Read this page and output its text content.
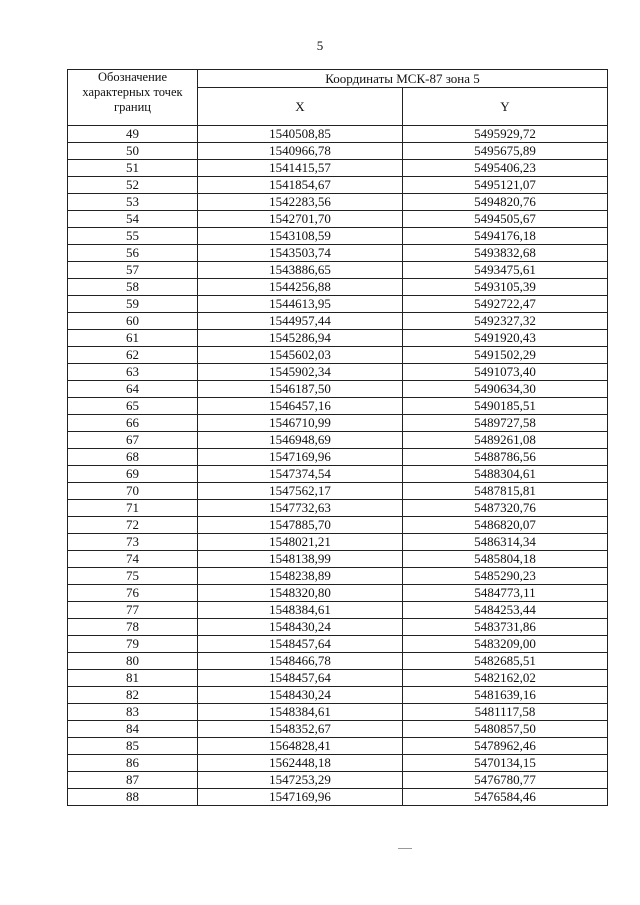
5
Обозначение характерных точек границ	Координаты МСК-87 зона 5	
	X	Y
49	1540508,85	5495929,72
50	1540966,78	5495675,89
51	1541415,57	5495406,23
52	1541854,67	5495121,07
53	1542283,56	5494820,76
54	1542701,70	5494505,67
55	1543108,59	5494176,18
56	1543503,74	5493832,68
57	1543886,65	5493475,61
58	1544256,88	5493105,39
59	1544613,95	5492722,47
60	1544957,44	5492327,32
61	1545286,94	5491920,43
62	1545602,03	5491502,29
63	1545902,34	5491073,40
64	1546187,50	5490634,30
65	1546457,16	5490185,51
66	1546710,99	5489727,58
67	1546948,69	5489261,08
68	1547169,96	5488786,56
69	1547374,54	5488304,61
70	1547562,17	5487815,81
71	1547732,63	5487320,76
72	1547885,70	5486820,07
73	1548021,21	5486314,34
74	1548138,99	5485804,18
75	1548238,89	5485290,23
76	1548320,80	5484773,11
77	1548384,61	5484253,44
78	1548430,24	5483731,86
79	1548457,64	5483209,00
80	1548466,78	5482685,51
81	1548457,64	5482162,02
82	1548430,24	5481639,16
83	1548384,61	5481117,58
84	1548352,67	5480857,50
85	1564828,41	5478962,46
86	1562448,18	5470134,15
87	1547253,29	5476780,77
88	1547169,96	5476584,46
